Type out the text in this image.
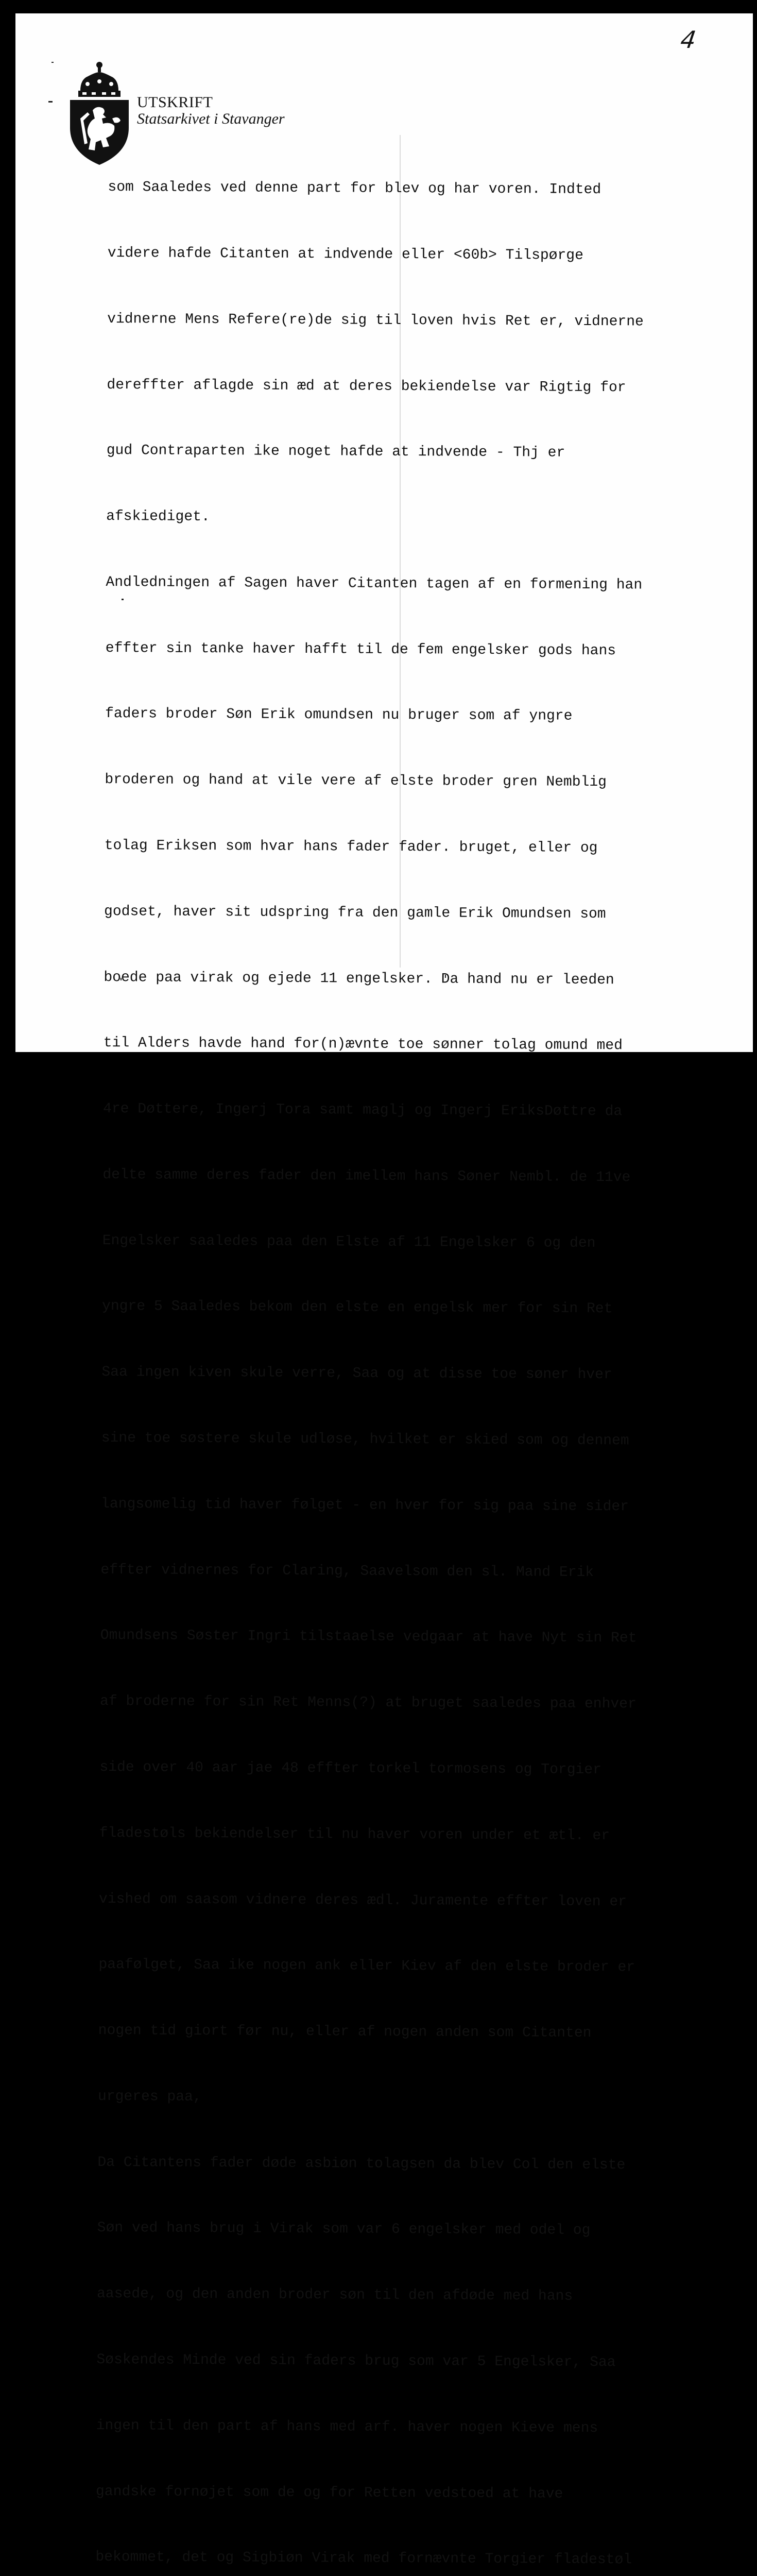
4
UTSKRIFT
Statsarkivet i Stavanger

som Saaledes ved denne part for blev og har voren. Indted

videre hafde Citanten at indvende eller <60b> Tilspørge

vidnerne Mens Refere(re)de sig til loven hvis Ret er, vidnerne

dereffter aflagde sin æd at deres bekiendelse var Rigtig for

gud Contraparten ike noget hafde at indvende - Thj er

afskiediget.

Andledningen af Sagen haver Citanten tagen af en formening han

effter sin tanke haver hafft til de fem engelsker gods hans

faders broder Søn Erik omundsen nu bruger som af yngre

broderen og hand at vile vere af elste broder gren Nemblig

tolag Eriksen som hvar hans fader fader. bruget, eller og

godset, haver sit udspring fra den gamle Erik Omundsen som

boede paa virak og ejede 11 engelsker. Da hand nu er leeden

til Alders havde hand for(n)ævnte toe sønner tolag omund med

4re Døttere, Ingerj Tora samt maglj og Ingerj EriksDøttre da

delte samme deres fader den imellem hans Søner Nembl. de 11ve

Engelsker saaledes paa den Elste af 11 Engelsker 6 og den

yngre 5 Saaledes bekom den elste en engelsk mer for sin Ret

Saa ingen kiven skule verre, Saa og at disse toe søner hver

sine toe søstere skule udløse, hvilket er skied som og dennem

langsomelig tid haver følget - en hver for sig paa sine sider

effter vidnernes for Claring, Saavelsom den sl. Mand Erik

Omundsens Søster Ingri tilstaaelse vedgaar at have Nyt sin Ret

af broderne for sin Ret Menns(?) at bruget saaledes paa enhver

side over 40 aar jae 48 effter torkel tormosens og Torgier

fladestøls bekiendelser til nu haver voren under et ætl. er

vished om saasom vidnere deres ædl. Juramente effter loven er

paafølget, Saa ike nogen ank eller Kiev af den elste broder er

nogen tid giort før nu, eller af nogen anden som Citanten

urgeres paa,

Da Citantens fader døde asbiøn tolagsen da blev Col den elste

Søn ved hans brug i Virak som var 6 engelsker med odel og

aasede, og den anden broder søn til den afdøde med hans

Søskendes Minde ved sin faders brug som var 5 Engelsker, Saa

ingen til den part af hans med arf. haver nogen Kieve mens

gandske fornøjet som de og for Retten vedstoed at have

bekommet, det og Sigbiøn Virak med fornævnte Torgier fladestøl
